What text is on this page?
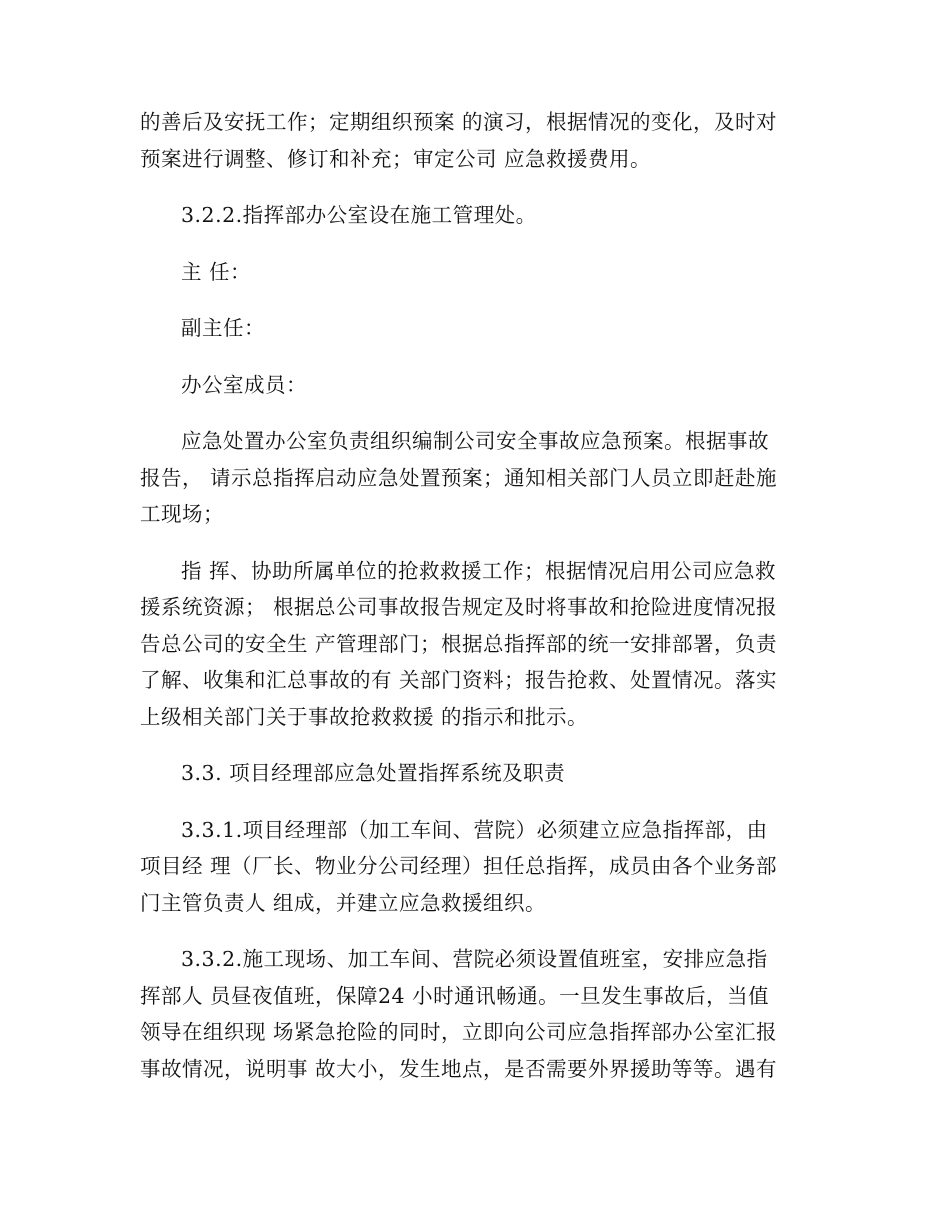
的善后及安抚工作；定期组织预案 的演习，根据情况的变化，及时对
预案进行调整、修订和补充；审定公司 应急救援费用。
3.2.2.指挥部办公室设在施工管理处。
主 任：
副主任：
办公室成员：
应急处置办公室负责组织编制公司安全事故应急预案。根据事故
报告， 请示总指挥启动应急处置预案；通知相关部门人员立即赶赴施
工现场；
指 挥、协助所属单位的抢救救援工作；根据情况启用公司应急救
援系统资源； 根据总公司事故报告规定及时将事故和抢险进度情况报
告总公司的安全生 产管理部门；根据总指挥部的统一安排部署，负责
了解、收集和汇总事故的有 关部门资料；报告抢救、处置情况。落实
上级相关部门关于事故抢救救援 的指示和批示。
3.3. 项目经理部应急处置指挥系统及职责
3.3.1.项目经理部（加工车间、营院）必须建立应急指挥部，由
项目经 理（厂长、物业分公司经理）担任总指挥，成员由各个业务部
门主管负责人 组成，并建立应急救援组织。
3.3.2.施工现场、加工车间、营院必须设置值班室，安排应急指
挥部人 员昼夜值班，保障24 小时通讯畅通。一旦发生事故后，当值
领导在组织现 场紧急抢险的同时，立即向公司应急指挥部办公室汇报
事故情况，说明事 故大小，发生地点，是否需要外界援助等等。遇有
